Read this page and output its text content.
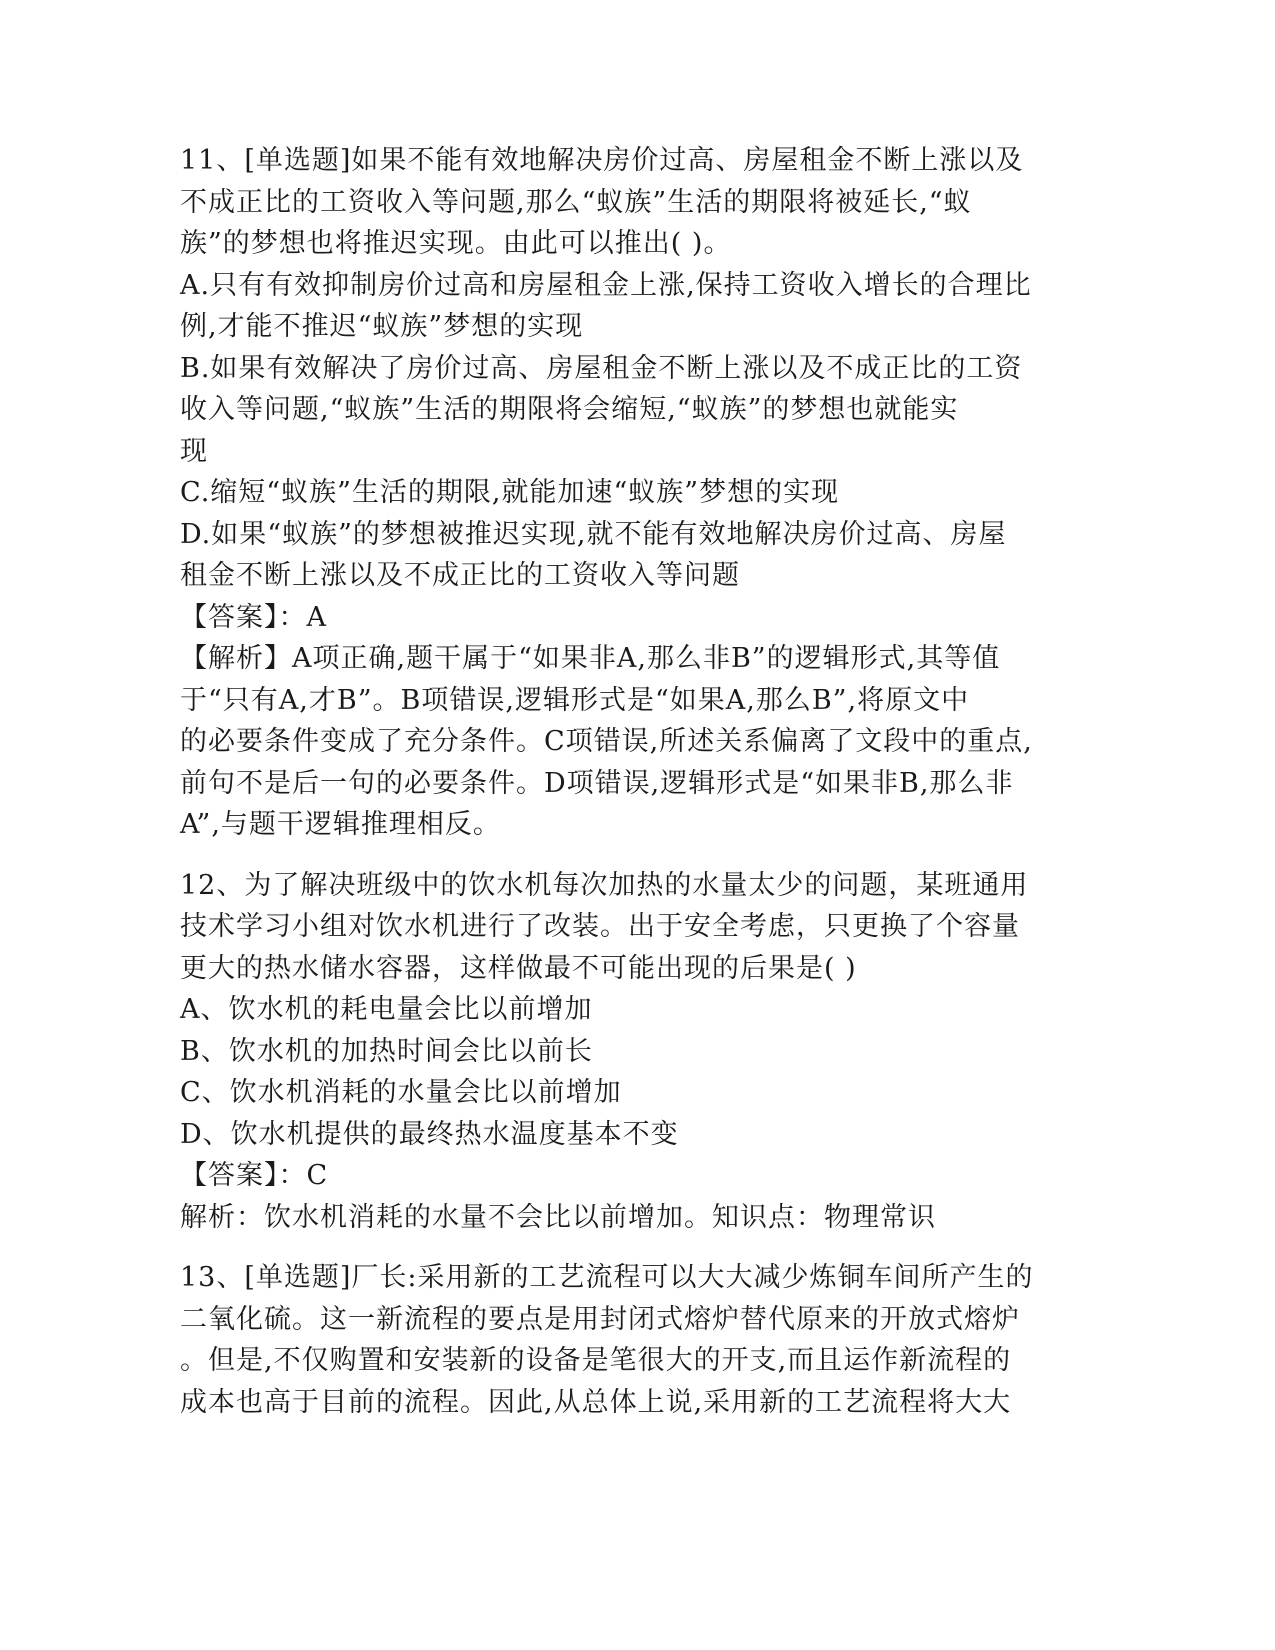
11、[单选题]如果不能有效地解决房价过高、房屋租金不断上涨以及
不成正比的工资收入等问题,那么“蚁族”生活的期限将被延长,“蚁
族”的梦想也将推迟实现。由此可以推出( )。
A.只有有效抑制房价过高和房屋租金上涨,保持工资收入增长的合理比
例,才能不推迟“蚁族”梦想的实现
B.如果有效解决了房价过高、房屋租金不断上涨以及不成正比的工资
收入等问题,“蚁族”生活的期限将会缩短,“蚁族”的梦想也就能实
现
C.缩短“蚁族”生活的期限,就能加速“蚁族”梦想的实现
D.如果“蚁族”的梦想被推迟实现,就不能有效地解决房价过高、房屋
租金不断上涨以及不成正比的工资收入等问题
【答案】：A
【解析】A项正确,题干属于“如果非A,那么非B”的逻辑形式,其等值
于“只有A,才B”。B项错误,逻辑形式是“如果A,那么B”,将原文中
的必要条件变成了充分条件。C项错误,所述关系偏离了文段中的重点,
前句不是后一句的必要条件。D项错误,逻辑形式是“如果非B,那么非
A”,与题干逻辑推理相反。
12、为了解决班级中的饮水机每次加热的水量太少的问题，某班通用
技术学习小组对饮水机进行了改装。出于安全考虑，只更换了个容量
更大的热水储水容器，这样做最不可能出现的后果是( )
A、饮水机的耗电量会比以前增加
B、饮水机的加热时间会比以前长
C、饮水机消耗的水量会比以前增加
D、饮水机提供的最终热水温度基本不变
【答案】：C
解析：饮水机消耗的水量不会比以前增加。知识点：物理常识
13、[单选题]厂长:采用新的工艺流程可以大大减少炼铜车间所产生的
二氧化硫。这一新流程的要点是用封闭式熔炉替代原来的开放式熔炉
。但是,不仅购置和安装新的设备是笔很大的开支,而且运作新流程的
成本也高于目前的流程。因此,从总体上说,采用新的工艺流程将大大
